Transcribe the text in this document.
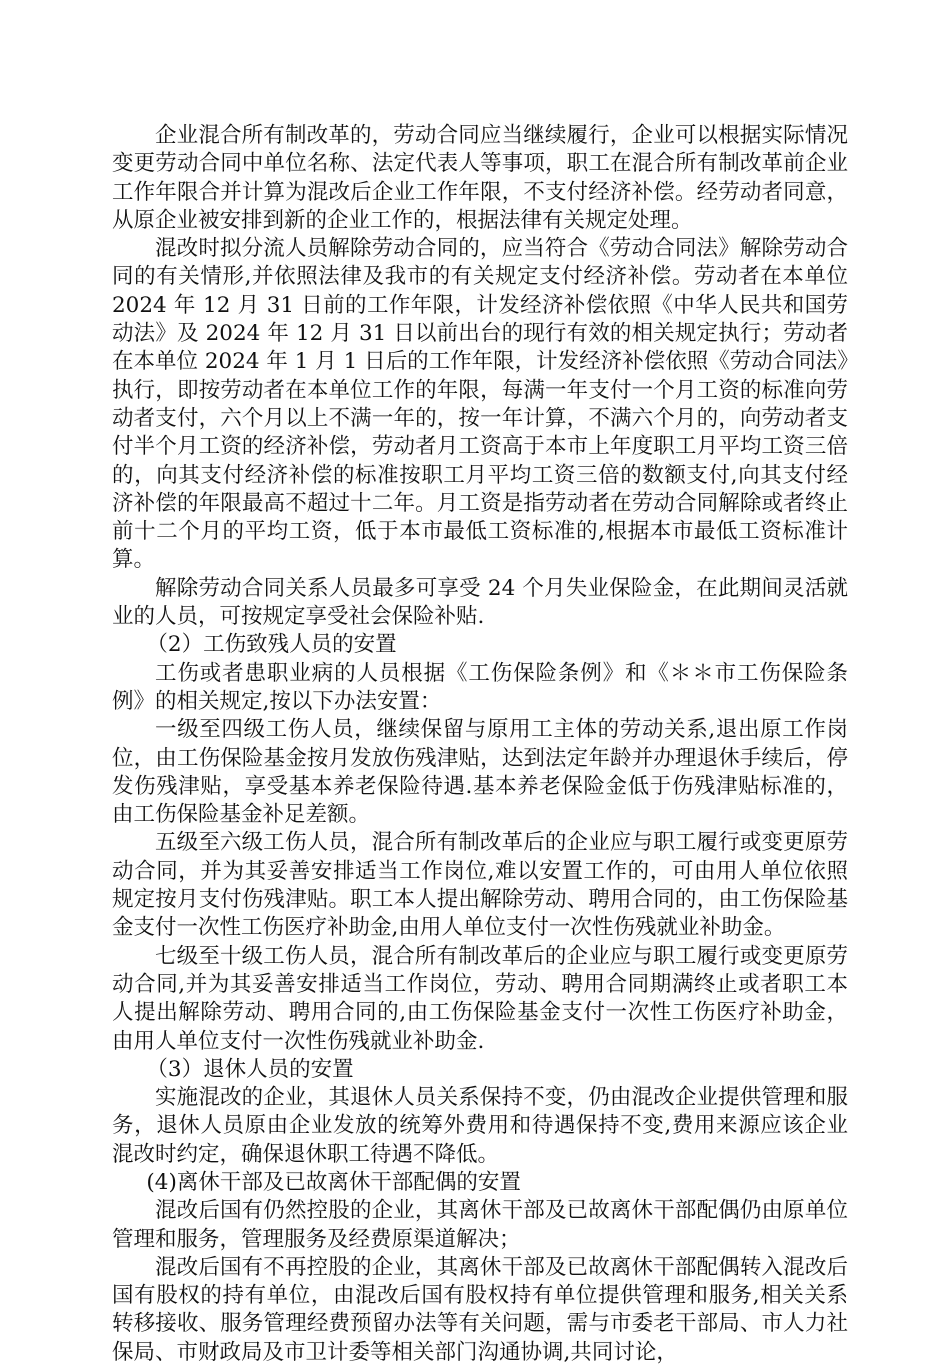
企业混合所有制改革的，劳动合同应当继续履行，企业可以根据实际情况变更劳动合同中单位名称、法定代表人等事项，职工在混合所有制改革前企业工作年限合并计算为混改后企业工作年限，不支付经济补偿。经劳动者同意，从原企业被安排到新的企业工作的，根据法律有关规定处理。

混改时拟分流人员解除劳动合同的，应当符合《劳动合同法》解除劳动合同的有关情形,并依照法律及我市的有关规定支付经济补偿。劳动者在本单位 2024 年 12 月 31 日前的工作年限，计发经济补偿依照《中华人民共和国劳动法》及 2024 年 12 月 31 日以前出台的现行有效的相关规定执行；劳动者在本单位 2024 年 1 月 1 日后的工作年限，计发经济补偿依照《劳动合同法》执行，即按劳动者在本单位工作的年限，每满一年支付一个月工资的标准向劳动者支付，六个月以上不满一年的，按一年计算，不满六个月的，向劳动者支付半个月工资的经济补偿，劳动者月工资高于本市上年度职工月平均工资三倍的，向其支付经济补偿的标准按职工月平均工资三倍的数额支付,向其支付经济补偿的年限最高不超过十二年。月工资是指劳动者在劳动合同解除或者终止前十二个月的平均工资，低于本市最低工资标准的,根据本市最低工资标准计算。

解除劳动合同关系人员最多可享受 24 个月失业保险金，在此期间灵活就业的人员，可按规定享受社会保险补贴.

（2）工伤致残人员的安置

工伤或者患职业病的人员根据《工伤保险条例》和《＊＊市工伤保险条例》的相关规定,按以下办法安置：

一级至四级工伤人员，继续保留与原用工主体的劳动关系,退出原工作岗位，由工伤保险基金按月发放伤残津贴，达到法定年龄并办理退休手续后，停发伤残津贴，享受基本养老保险待遇.基本养老保险金低于伤残津贴标准的，由工伤保险基金补足差额。

五级至六级工伤人员，混合所有制改革后的企业应与职工履行或变更原劳动合同，并为其妥善安排适当工作岗位,难以安置工作的，可由用人单位依照规定按月支付伤残津贴。职工本人提出解除劳动、聘用合同的，由工伤保险基金支付一次性工伤医疗补助金,由用人单位支付一次性伤残就业补助金。

七级至十级工伤人员，混合所有制改革后的企业应与职工履行或变更原劳动合同,并为其妥善安排适当工作岗位，劳动、聘用合同期满终止或者职工本人提出解除劳动、聘用合同的,由工伤保险基金支付一次性工伤医疗补助金，由用人单位支付一次性伤残就业补助金.

（3）退休人员的安置

实施混改的企业，其退休人员关系保持不变，仍由混改企业提供管理和服务，退休人员原由企业发放的统筹外费用和待遇保持不变,费用来源应该企业混改时约定，确保退休职工待遇不降低。

(4)离休干部及已故离休干部配偶的安置

混改后国有仍然控股的企业，其离休干部及已故离休干部配偶仍由原单位管理和服务，管理服务及经费原渠道解决；

混改后国有不再控股的企业，其离休干部及已故离休干部配偶转入混改后国有股权的持有单位，由混改后国有股权持有单位提供管理和服务,相关关系转移接收、服务管理经费预留办法等有关问题，需与市委老干部局、市人力社保局、市财政局及市卫计委等相关部门沟通协调,共同讨论，
